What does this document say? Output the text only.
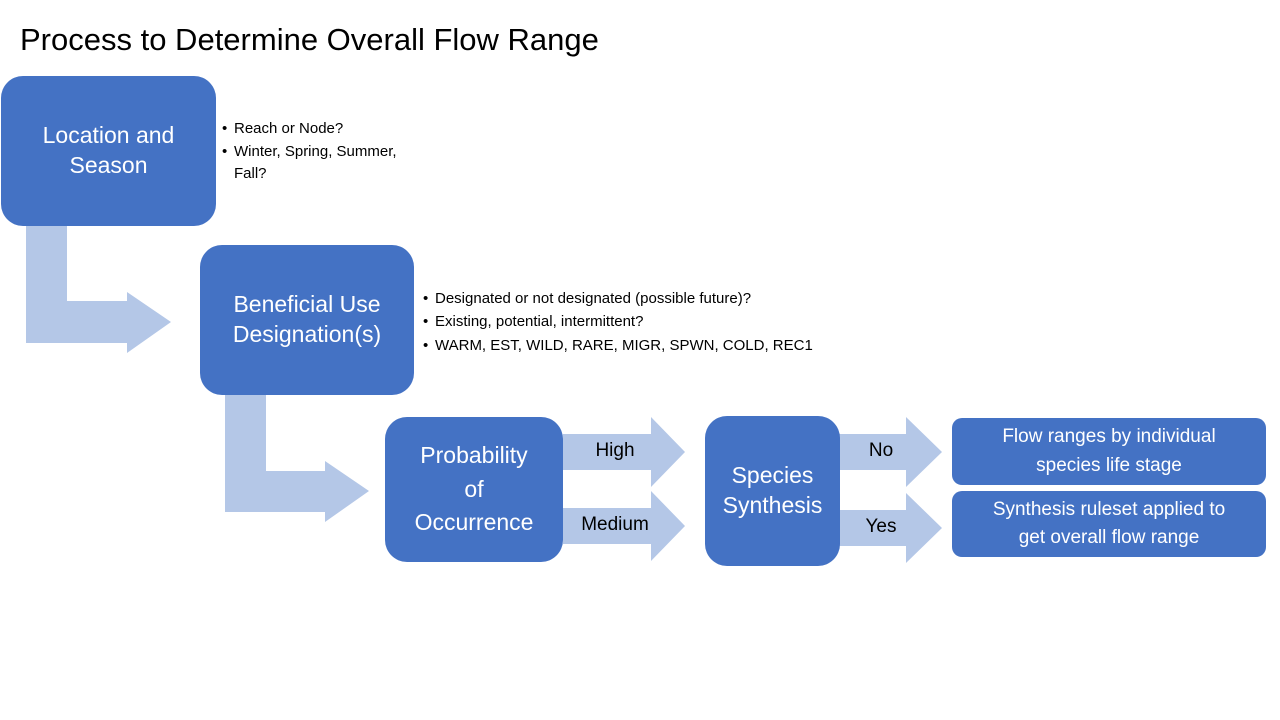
Process to Determine Overall Flow Range
Location and
Season
• Reach or Node?
• Winter, Spring, Summer,
Fall?
Beneficial Use
Designation(s)
• Designated or not designated (possible future)?
• Existing, potential, intermittent?
• WARM, EST, WILD, RARE, MIGR, SPWN, COLD, REC1
Probability
of
Occurrence
High
Medium
Species
Synthesis
No
Yes
Flow ranges by individual
species life stage
Synthesis ruleset applied to
get overall flow range
